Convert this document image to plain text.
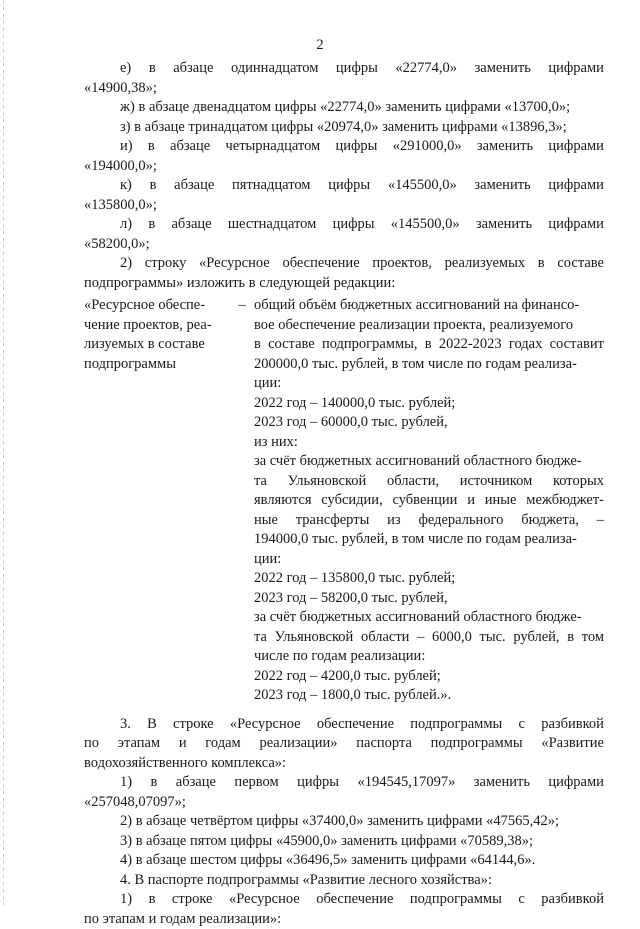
2
е) в абзаце одиннадцатом цифры «22774,0» заменить цифрами
«14900,38»;
ж) в абзаце двенадцатом цифры «22774,0» заменить цифрами «13700,0»;
з) в абзаце тринадцатом цифры «20974,0» заменить цифрами «13896,3»;
и) в абзаце четырнадцатом цифры «291000,0» заменить цифрами
«194000,0»;
к) в абзаце пятнадцатом цифры «145500,0» заменить цифрами
«135800,0»;
л) в абзаце шестнадцатом цифры «145500,0» заменить цифрами
«58200,0»;
2) строку «Ресурсное обеспечение проектов, реализуемых в составе
подпрограммы» изложить в следующей редакции:
«Ресурсное обеспе-
чение проектов, реа-
лизуемых в составе
подпрограммы
– общий объём бюджетных ассигнований на финансо-
вое обеспечение реализации проекта, реализуемого
в составе подпрограммы, в 2022-2023 годах составит
200000,0 тыс. рублей, в том числе по годам реализа-
ции:
2022 год – 140000,0 тыс. рублей;
2023 год – 60000,0 тыс. рублей,
из них:
за счёт бюджетных ассигнований областного бюдже-
та Ульяновской области, источником которых
являются субсидии, субвенции и иные межбюджет-
ные трансферты из федерального бюджета, –
194000,0 тыс. рублей, в том числе по годам реализа-
ции:
2022 год – 135800,0 тыс. рублей;
2023 год – 58200,0 тыс. рублей,
за счёт бюджетных ассигнований областного бюдже-
та Ульяновской области – 6000,0 тыс. рублей, в том
числе по годам реализации:
2022 год – 4200,0 тыс. рублей;
2023 год – 1800,0 тыс. рублей.».
3. В строке «Ресурсное обеспечение подпрограммы с разбивкой
по этапам и годам реализации» паспорта подпрограммы «Развитие
водохозяйственного комплекса»:
1) в абзаце первом цифры «194545,17097» заменить цифрами
«257048,07097»;
2) в абзаце четвёртом цифры «37400,0» заменить цифрами «47565,42»;
3) в абзаце пятом цифры «45900,0» заменить цифрами «70589,38»;
4) в абзаце шестом цифры «36496,5» заменить цифрами «64144,6».
4. В паспорте подпрограммы «Развитие лесного хозяйства»:
1) в строке «Ресурсное обеспечение подпрограммы с разбивкой
по этапам и годам реализации»:
